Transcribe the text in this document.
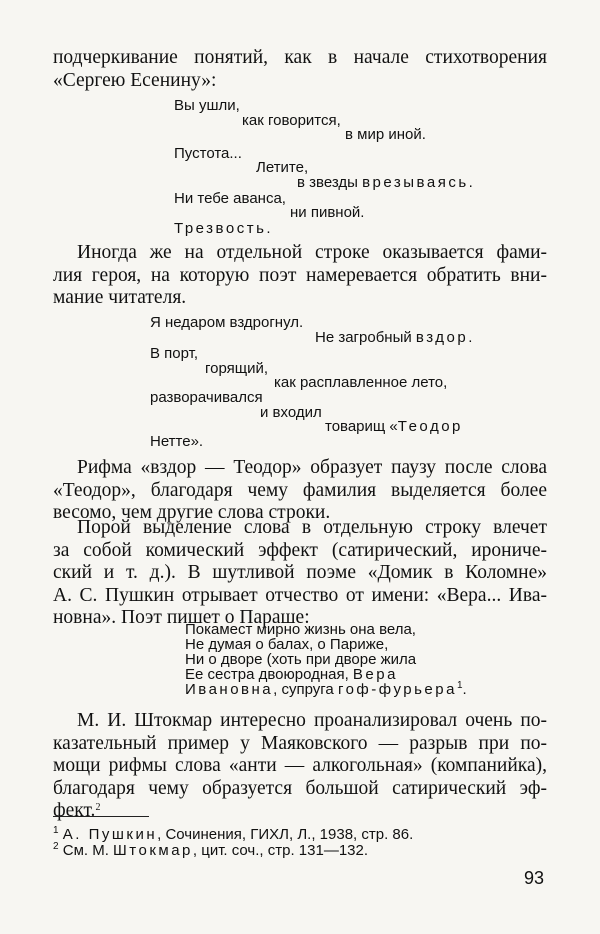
подчеркивание понятий, как в начале стихотворения
«Сергею Есенину»:
Вы ушли,
как говорится,
в мир иной.
Пустота...
Летите,
в звезды врезываясь.
Ни тебе аванса,
ни пивной.
Трезвость.
Иногда же на отдельной строке оказывается фами-
лия героя, на которую поэт намеревается обратить вни-
мание читателя.
Я недаром вздрогнул.
Не загробный вздор.
В порт,
горящий,
как расплавленное лето,
разворачивался
и входил
товарищ «Теодор
Нетте».
Рифма «вздор — Теодор» образует паузу после слова
«Теодор», благодаря чему фамилия выделяется более
весомо, чем другие слова строки.
Порой выделение слова в отдельную строку влечет
за собой комический эффект (сатирический, ирониче-
ский и т. д.). В шутливой поэме «Домик в Коломне»
А. С. Пушкин отрывает отчество от имени: «Вера... Ива-
новна». Поэт пишет о Параше:
Покамест мирно жизнь она вела,
Не думая о балах, о Париже,
Ни о дворе (хоть при дворе жила
Ее сестра двоюродная, Вера
Ивановна, супруга гоф-фурьера$^1$.
М. И. Штокмар интересно проанализировал очень по-
казательный пример у Маяковского — разрыв при по-
мощи рифмы слова «анти — алкогольная» (компанийка),
благодаря чему образуется большой сатирический эф-
фект.$^2$
$^1$ А. Пушкин, Сочинения, ГИХЛ, Л., 1938, стр. 86.
$^2$ См. М. Штокмар, цит. соч., стр. 131—132.
93
